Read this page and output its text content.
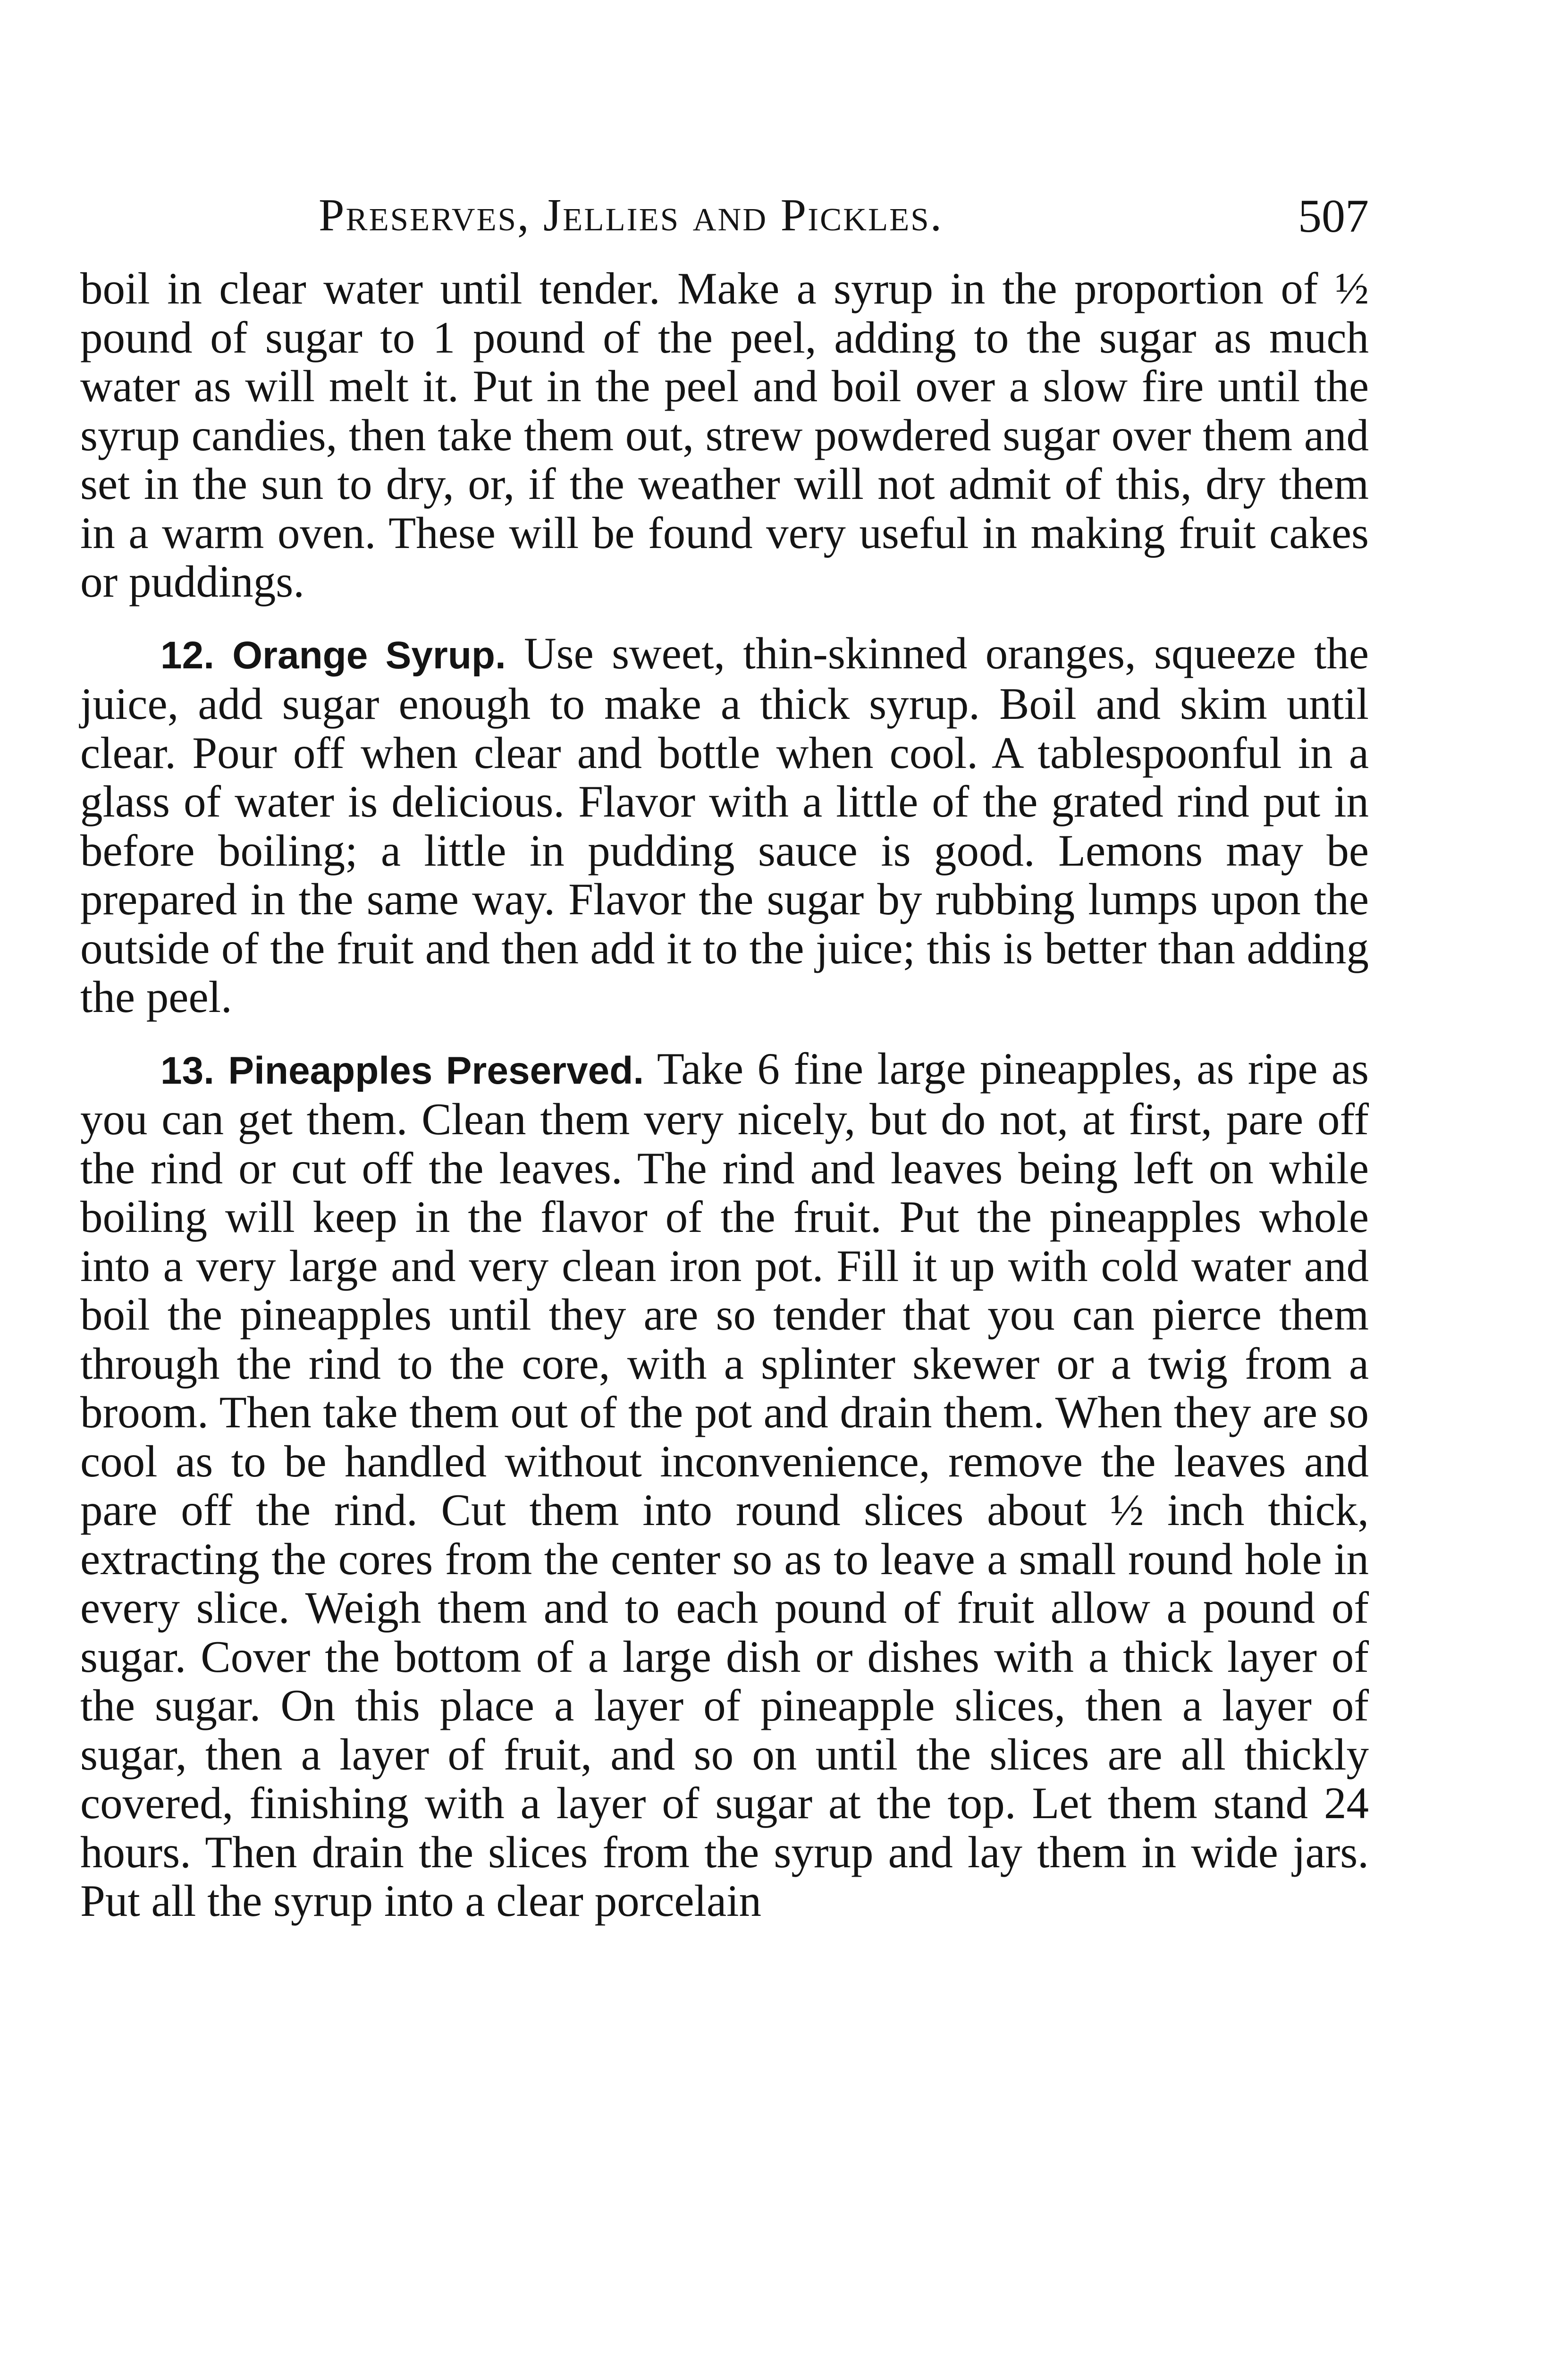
Preserves, Jellies and Pickles.	507

boil in clear water until tender. Make a syrup in the proportion of ½ pound of sugar to 1 pound of the peel, adding to the sugar as much water as will melt it. Put in the peel and boil over a slow fire until the syrup candies, then take them out, strew powdered sugar over them and set in the sun to dry, or, if the weather will not admit of this, dry them in a warm oven. These will be found very useful in making fruit cakes or puddings.

12. Orange Syrup. Use sweet, thin-skinned oranges, squeeze the juice, add sugar enough to make a thick syrup. Boil and skim until clear. Pour off when clear and bottle when cool. A tablespoonful in a glass of water is delicious. Flavor with a little of the grated rind put in before boiling; a little in pudding sauce is good. Lemons may be prepared in the same way. Flavor the sugar by rubbing lumps upon the outside of the fruit and then add it to the juice; this is better than adding the peel.

13. Pineapples Preserved. Take 6 fine large pineapples, as ripe as you can get them. Clean them very nicely, but do not, at first, pare off the rind or cut off the leaves. The rind and leaves being left on while boiling will keep in the flavor of the fruit. Put the pineapples whole into a very large and very clean iron pot. Fill it up with cold water and boil the pineapples until they are so tender that you can pierce them through the rind to the core, with a splinter skewer or a twig from a broom. Then take them out of the pot and drain them. When they are so cool as to be handled without inconvenience, remove the leaves and pare off the rind. Cut them into round slices about ½ inch thick, extracting the cores from the center so as to leave a small round hole in every slice. Weigh them and to each pound of fruit allow a pound of sugar. Cover the bottom of a large dish or dishes with a thick layer of the sugar. On this place a layer of pineapple slices, then a layer of sugar, then a layer of fruit, and so on until the slices are all thickly covered, finishing with a layer of sugar at the top. Let them stand 24 hours. Then drain the slices from the syrup and lay them in wide jars. Put all the syrup into a clear porcelain
